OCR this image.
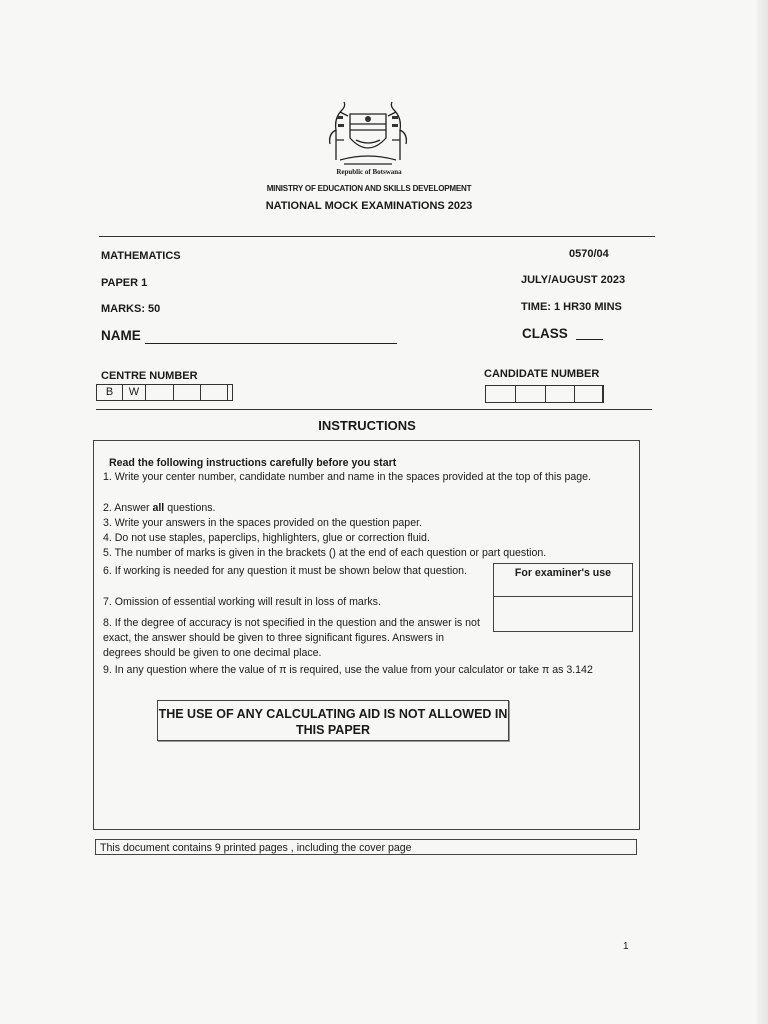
Republic of Botswana
MINISTRY OF EDUCATION AND SKILLS DEVELOPMENT
NATIONAL MOCK EXAMINATIONS 2023
MATHEMATICS	0570/04
PAPER 1	JULY/AUGUST 2023
MARKS: 50	TIME: 1 HR30 MINS
NAME	CLASS
CENTRE NUMBER
B	W
CANDIDATE NUMBER
INSTRUCTIONS
Read the following instructions carefully before you start
1. Write your center number, candidate number and name in the spaces provided at the top of this page.
2. Answer all questions.
3. Write your answers in the spaces provided on the question paper.
4. Do not use staples, paperclips, highlighters, glue or correction fluid.
5. The number of marks is given in the brackets () at the end of each question or part question.
6. If working is needed for any question it must be shown below that question.
7. Omission of essential working will result in loss of marks.
8. If the degree of accuracy is not specified in the question and the answer is not exact, the answer should be given to three significant figures. Answers in degrees should be given to one decimal place.
9. In any question where the value of π is required, use the value from your calculator or take π as 3.142
For examiner's use
THE USE OF ANY CALCULATING AID IS NOT ALLOWED IN THIS PAPER
This document contains 9 printed pages , including the cover page
1
